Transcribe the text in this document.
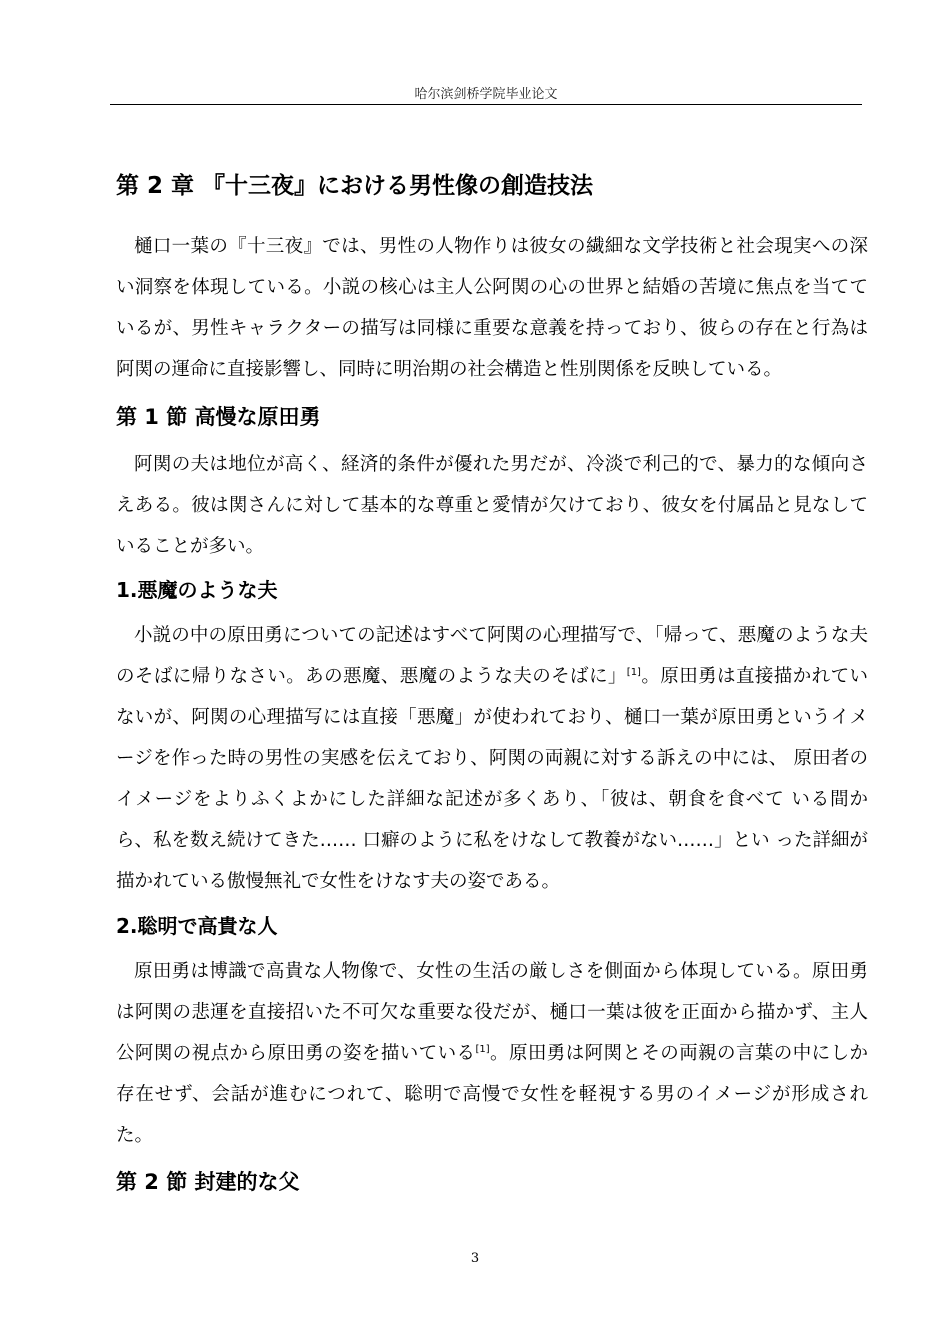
哈尔滨剑桥学院毕业论文
第 2 章 『十三夜』における男性像の創造技法
樋口一葉の『十三夜』では、男性の人物作りは彼女の繊細な文学技術と社会現実への深い洞察を体現している。小説の核心は主人公阿関の心の世界と結婚の苦境に焦点を当てているが、男性キャラクターの描写は同様に重要な意義を持っており、彼らの存在と行為は阿関の運命に直接影響し、同時に明治期の社会構造と性別関係を反映している。
第 1 節 高慢な原田勇
阿関の夫は地位が高く、経済的条件が優れた男だが、冷淡で利己的で、暴力的な傾向さえある。彼は関さんに対して基本的な尊重と愛情が欠けており、彼女を付属品と見なしていることが多い。
1.悪魔のような夫
小説の中の原田勇についての記述はすべて阿関の心理描写で、「帰って、悪魔のような夫のそばに帰りなさい。あの悪魔、悪魔のような夫のそばに」[1]。原田勇は直接描かれていないが、阿関の心理描写には直接「悪魔」が使われており、樋口一葉が原田勇というイメージを作った時の男性の実感を伝えており、阿関の両親に対する訴えの中には、 原田者のイメージをよりふくよかにした詳細な記述が多くあり、「彼は、朝食を食べて いる間から、私を数え続けてきた…… 口癖のように私をけなして教養がない……」とい った詳細が描かれている傲慢無礼で女性をけなす夫の姿である。
2.聡明で高貴な人
原田勇は博識で高貴な人物像で、女性の生活の厳しさを側面から体現している。原田勇は阿関の悲運を直接招いた不可欠な重要な役だが、樋口一葉は彼を正面から描かず、主人公阿関の視点から原田勇の姿を描いている[1]。原田勇は阿関とその両親の言葉の中にしか存在せず、会話が進むにつれて、聡明で高慢で女性を軽視する男のイメージが形成された。
第 2 節 封建的な父
3
